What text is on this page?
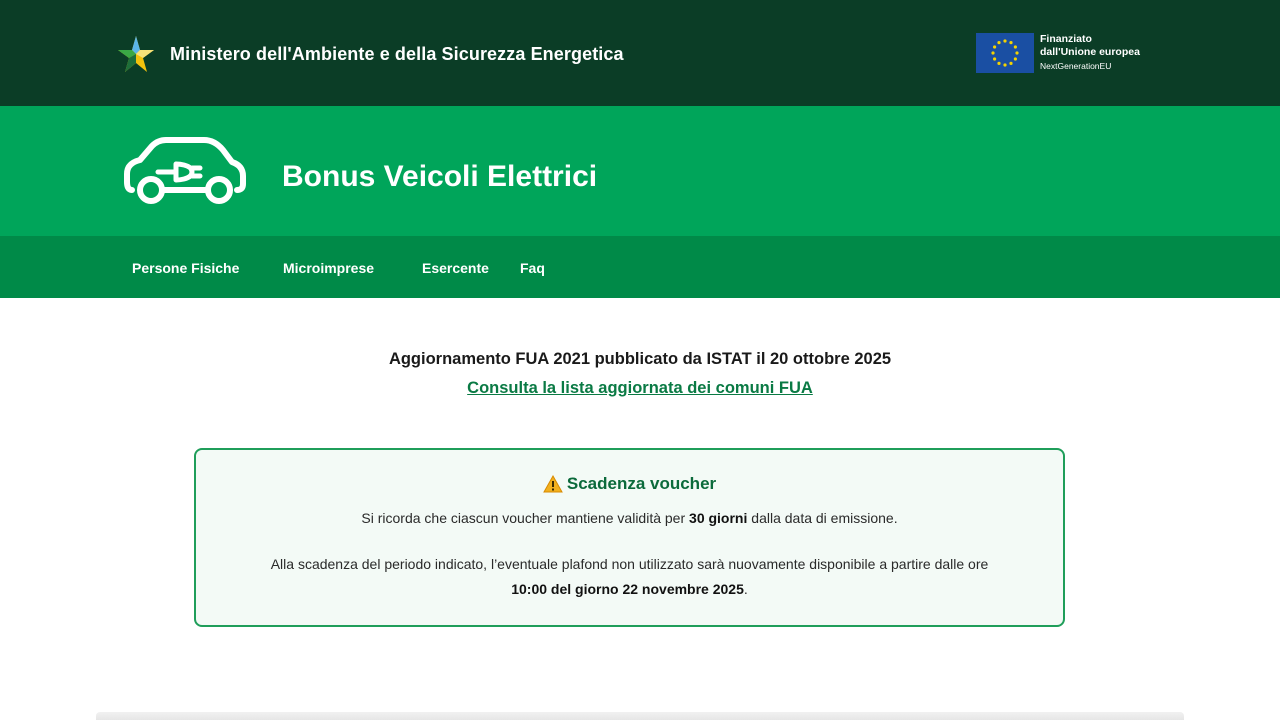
Ministero dell'Ambiente e della Sicurezza Energetica
Finanziato
dall'Unione europea
NextGenerationEU
Bonus Veicoli Elettrici
Persone Fisiche	Microimprese	Esercente Faq
Aggiornamento FUA 2021 pubblicato da ISTAT il 20 ottobre 2025
Consulta la lista aggiornata dei comuni FUA
Scadenza voucher

Si ricorda che ciascun voucher mantiene validità per 30 giorni dalla data di emissione.

Alla scadenza del periodo indicato, l’eventuale plafond non utilizzato sarà nuovamente disponibile a partire dalle ore
10:00 del giorno 22 novembre 2025.
